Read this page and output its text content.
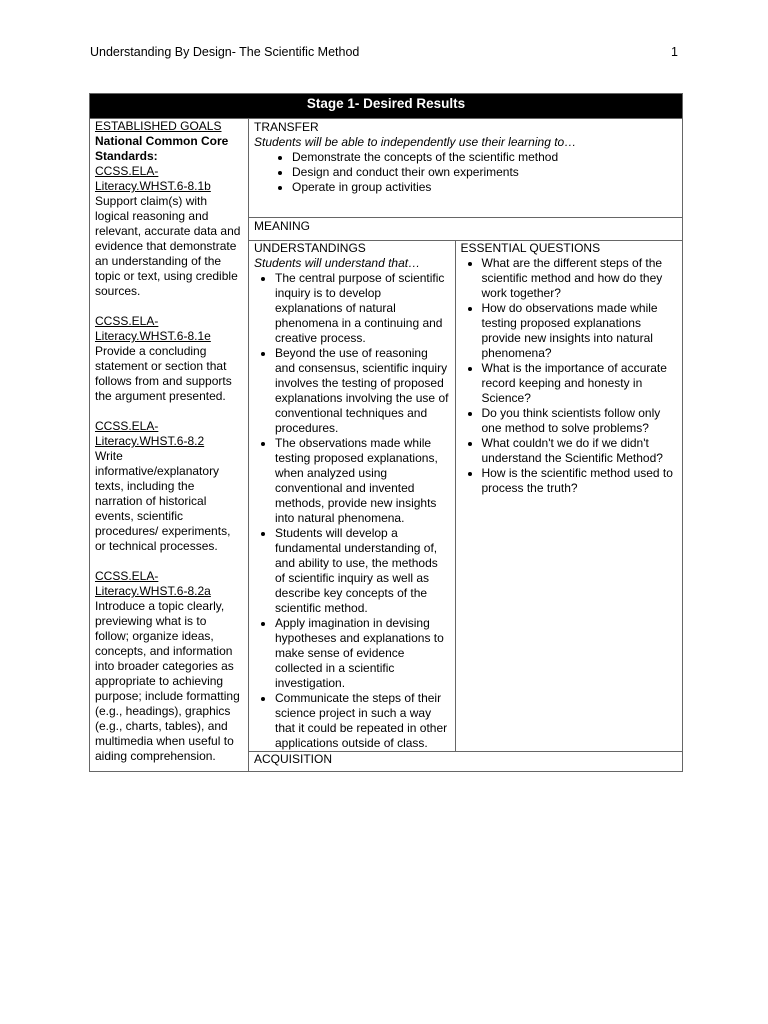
Understanding By Design- The Scientific Method	1
Stage 1- Desired Results

ESTABLISHED GOALS
National Common Core Standards:
CCSS.ELA-Literacy.WHST.6-8.1b
Support claim(s) with logical reasoning and relevant, accurate data and evidence that demonstrate an understanding of the topic or text, using credible sources.
CCSS.ELA-Literacy.WHST.6-8.1e
Provide a concluding statement or section that follows from and supports the argument presented.
CCSS.ELA-Literacy.WHST.6-8.2
Write informative/explanatory texts, including the narration of historical events, scientific procedures/ experiments, or technical processes.
CCSS.ELA-Literacy.WHST.6-8.2a
Introduce a topic clearly, previewing what is to follow; organize ideas, concepts, and information into broader categories as appropriate to achieving purpose; include formatting (e.g., headings), graphics (e.g., charts, tables), and multimedia when useful to aiding comprehension.

TRANSFER
Students will be able to independently use their learning to…
• Demonstrate the concepts of the scientific method
• Design and conduct their own experiments
• Operate in group activities

MEANING

UNDERSTANDINGS
Students will understand that…
• The central purpose of scientific inquiry is to develop explanations of natural phenomena in a continuing and creative process.
• Beyond the use of reasoning and consensus, scientific inquiry involves the testing of proposed explanations involving the use of conventional techniques and procedures.
• The observations made while testing proposed explanations, when analyzed using conventional and invented methods, provide new insights into natural phenomena.
• Students will develop a fundamental understanding of, and ability to use, the methods of scientific inquiry as well as describe key concepts of the scientific method.
• Apply imagination in devising hypotheses and explanations to make sense of evidence collected in a scientific investigation.
• Communicate the steps of their science project in such a way that it could be repeated in other applications outside of class.

ESSENTIAL QUESTIONS
• What are the different steps of the scientific method and how do they work together?
• How do observations made while testing proposed explanations provide new insights into natural phenomena?
• What is the importance of accurate record keeping and honesty in Science?
• Do you think scientists follow only one method to solve problems?
• What couldn't we do if we didn't understand the Scientific Method?
• How is the scientific method used to process the truth?

ACQUISITION
